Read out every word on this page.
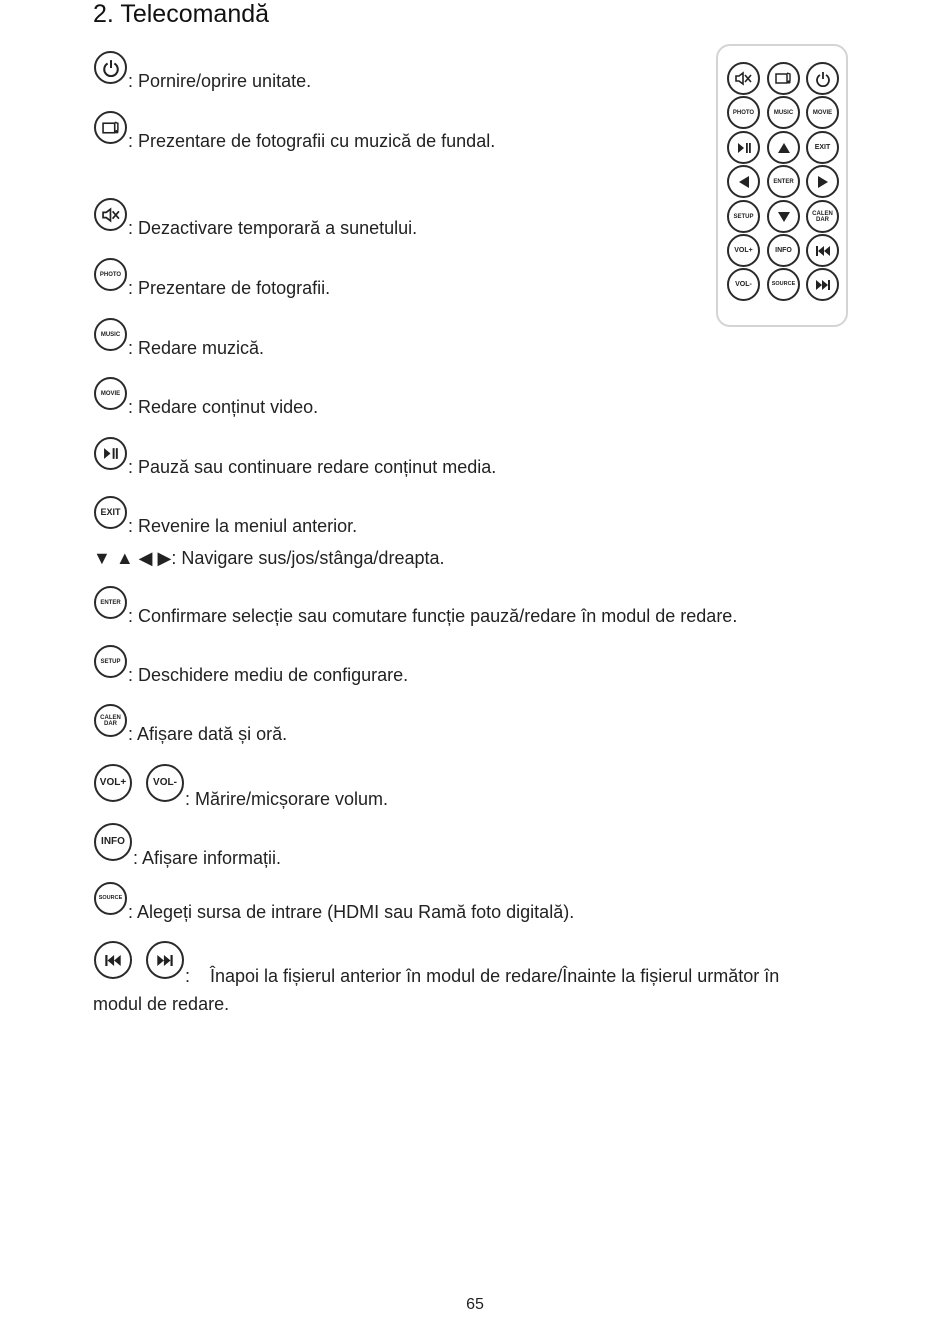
2. Telecomandă
PHOTO	MUSIC	MOVIE
EXIT
ENTER
SETUP	CALEN DAR
VOL+	INFO
VOL-	SOURCE
: Pornire/oprire unitate.
: Prezentare de fotografii cu muzică de fundal.
: Dezactivare temporară a sunetului.
PHOTO
: Prezentare de fotografii.
MUSIC
: Redare muzică.
MOVIE
: Redare conținut video.
: Pauză sau continuare redare conținut media.
EXIT
: Revenire la meniul anterior.
▼ ▲ ◀ ▶: Navigare sus/jos/stânga/dreapta.
ENTER
: Confirmare selecție sau comutare funcție pauză/redare în modul de redare.
SETUP
: Deschidere mediu de configurare.
CALEN DAR
: Afișare dată și oră.
VOL+	VOL-
: Mărire/micșorare volum.
INFO
: Afișare informații.
SOURCE
: Alegeți sursa de intrare (HDMI sau Ramă foto digitală).
:    Înapoi la fișierul anterior în modul de redare/Înainte la fișierul următor în
modul de redare.
65
